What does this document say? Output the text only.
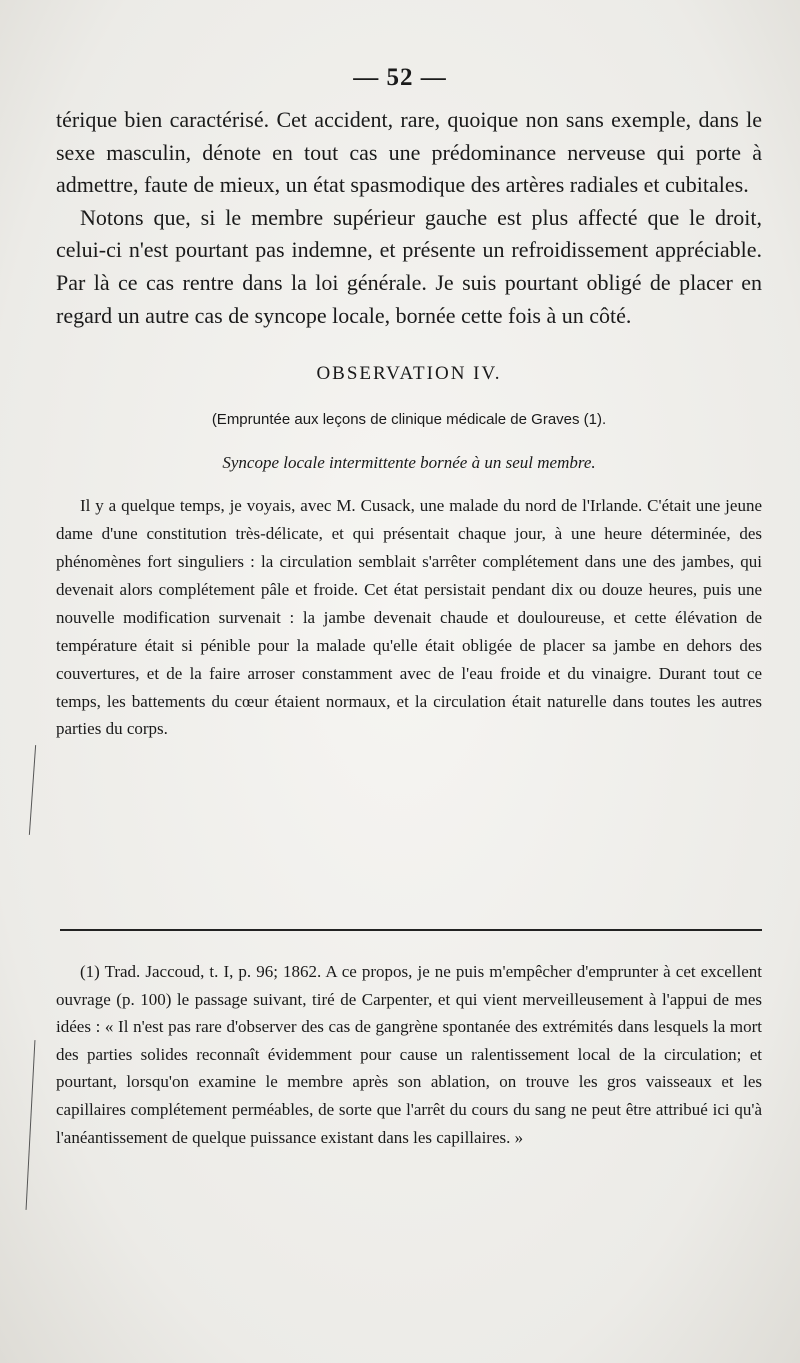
— 52 —

térique bien caractérisé. Cet accident, rare, quoique non sans exemple, dans le sexe masculin, dénote en tout cas une prédominance nerveuse qui porte à admettre, faute de mieux, un état spasmodique des artères radiales et cubitales.

Notons que, si le membre supérieur gauche est plus affecté que le droit, celui-ci n'est pourtant pas indemne, et présente un refroidissement appréciable. Par là ce cas rentre dans la loi générale. Je suis pourtant obligé de placer en regard un autre cas de syncope locale, bornée cette fois à un côté.

OBSERVATION IV.
(Empruntée aux leçons de clinique médicale de Graves (1).
Syncope locale intermittente bornée à un seul membre.

Il y a quelque temps, je voyais, avec M. Cusack, une malade du nord de l'Irlande. C'était une jeune dame d'une constitution très-délicate, et qui présentait chaque jour, à une heure déterminée, des phénomènes fort singuliers : la circulation semblait s'arrêter complétement dans une des jambes, qui devenait alors complétement pâle et froide. Cet état persistait pendant dix ou douze heures, puis une nouvelle modification survenait : la jambe devenait chaude et douloureuse, et cette élévation de température était si pénible pour la malade qu'elle était obligée de placer sa jambe en dehors des couvertures, et de la faire arroser constamment avec de l'eau froide et du vinaigre. Durant tout ce temps, les battements du cœur étaient normaux, et la circulation était naturelle dans toutes les autres parties du corps.

(1) Trad. Jaccoud, t. I, p. 96; 1862. A ce propos, je ne puis m'empêcher d'emprunter à cet excellent ouvrage (p. 100) le passage suivant, tiré de Carpenter, et qui vient merveilleusement à l'appui de mes idées : « Il n'est pas rare d'observer des cas de gangrène spontanée des extrémités dans lesquels la mort des parties solides reconnaît évidemment pour cause un ralentissement local de la circulation; et pourtant, lorsqu'on examine le membre après son ablation, on trouve les gros vaisseaux et les capillaires complétement perméables, de sorte que l'arrêt du cours du sang ne peut être attribué ici qu'à l'anéantissement de quelque puissance existant dans les capillaires. »
